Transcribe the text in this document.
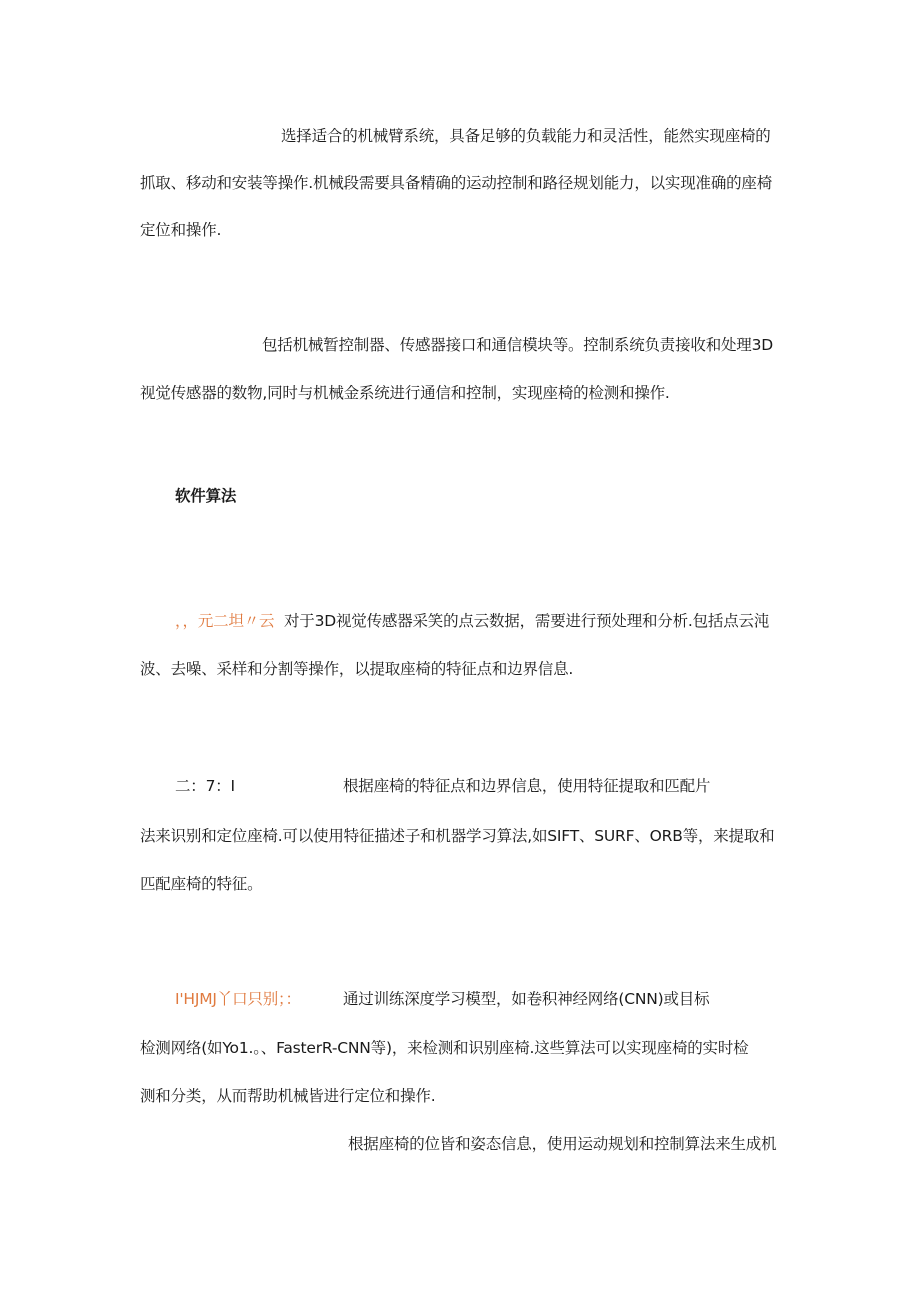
选择适合的机械臂系统，具备足够的负载能力和灵活性，能然实现座椅的
抓取、移动和安装等操作.机械段需要具备精确的运动控制和路径规划能力，以实现准确的座椅
定位和操作.
包括机械暂控制器、传感器接口和通信模块等。控制系统负责接收和处理3D
视觉传感器的数物,同时与机械金系统进行通信和控制，实现座椅的检测和操作.
软件算法
，，元二坦〃云 对于3D视觉传感器采笑的点云数据，需要进行预处理和分析.包括点云沌
波、去噪、采样和分割等操作，以提取座椅的特征点和边界信息.
二：7：I	根据座椅的特征点和边界信息，使用特征提取和匹配片
法来识别和定位座椅.可以使用特征描述子和机器学习算法,如SIFT、SURF、ORB等，来提取和
匹配座椅的特征。
I'HJMJ丫口只别；：	通过训练深度学习模型，如卷积神经网络(CNN)或目标
检测网络(如Yo1.。、FasterR-CNN等)，来检测和识别座椅.这些算法可以实现座椅的实时检
测和分类，从而帮助机械皆进行定位和操作.
根据座椅的位皆和姿态信息，使用运动规划和控制算法来生成机
